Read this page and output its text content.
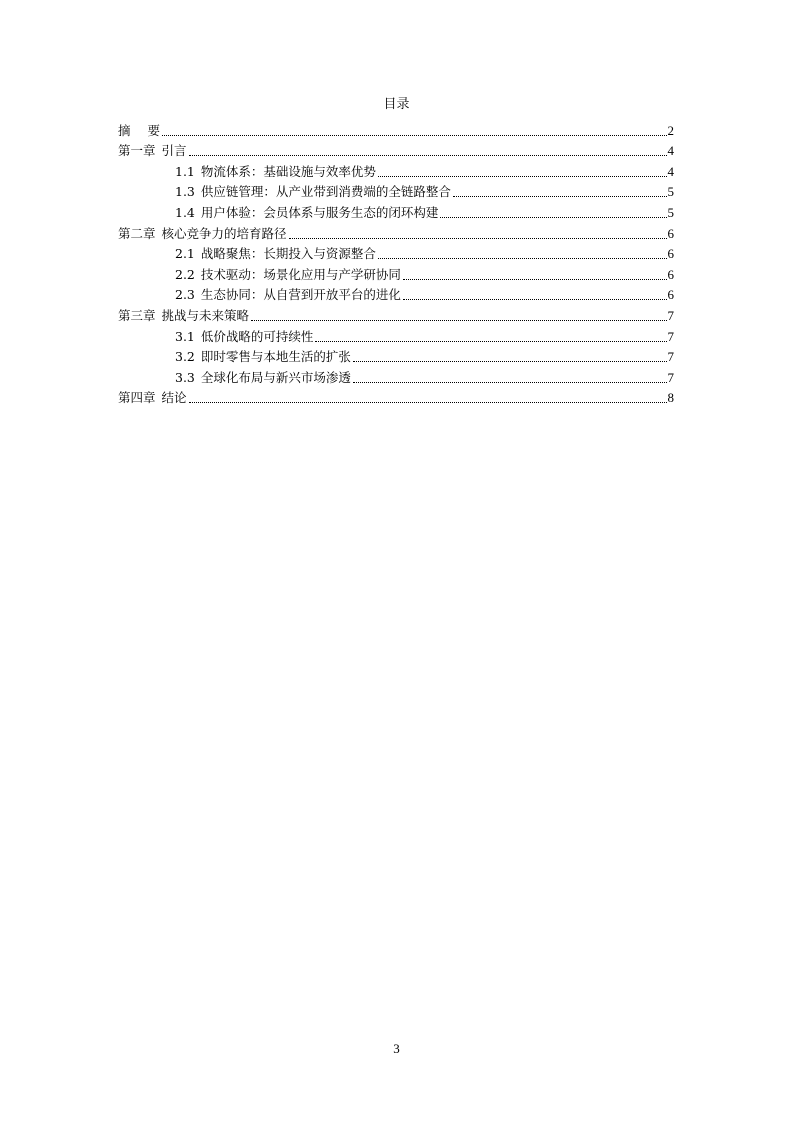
目录
摘要	2
第一章 引言	4
1.1 物流体系：基础设施与效率优势	4
1.3 供应链管理：从产业带到消费端的全链路整合	5
1.4 用户体验：会员体系与服务生态的闭环构建	5
第二章 核心竞争力的培育路径	6
2.1 战略聚焦：长期投入与资源整合	6
2.2 技术驱动：场景化应用与产学研协同	6
2.3 生态协同：从自营到开放平台的进化	6
第三章 挑战与未来策略	7
3.1 低价战略的可持续性	7
3.2 即时零售与本地生活的扩张	7
3.3 全球化布局与新兴市场渗透	7
第四章 结论	8
3
